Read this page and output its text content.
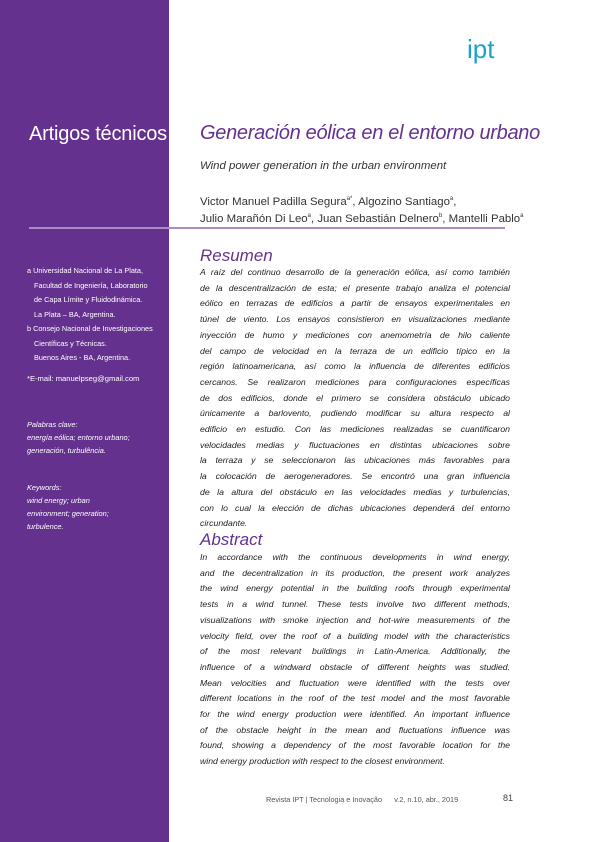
Artigos técnicos
a Universidad Nacional de La Plata,
Facultad de Ingeniería, Laboratorio
de Capa Límite y Fluidodinámica.
La Plata – BA, Argentina.
b Consejo Nacional de Investigaciones
Científicas y Técnicas.
Buenos Aires - BA, Argentina.
*E-mail: manuelpseg@gmail.com
Palabras clave:
energía eólica; entorno urbano;
generación, turbulência.
Keywords:
wind energy; urban
environment; generation;
turbulence.
ipt
Generación eólica en el entorno urbano
Wind power generation in the urban environment
Victor Manuel Padilla Segura$^{a*}$, Algozino Santiago$^a$,
Julio Marañón Di Leo$^a$, Juan Sebastián Delnero$^b$, Mantelli Pablo$^a$
Resumen
A raíz del continuo desarrollo de la generación eólica, así como también
de la descentralización de esta; el presente trabajo analiza el potencial
eólico en terrazas de edificios a partir de ensayos experimentales en
túnel de viento. Los ensayos consistieron en visualizaciones mediante
inyección de humo y mediciones con anemometría de hilo caliente
del campo de velocidad en la terraza de un edificio típico en la
región latinoamericana, así como la influencia de diferentes edificios
cercanos. Se realizaron mediciones para configuraciones específicas
de dos edificios, donde el primero se considera obstáculo ubicado
únicamente a barlovento, pudiendo modificar su altura respecto al
edificio en estudio. Con las mediciones realizadas se cuantificaron
velocidades medias y fluctuaciones en distintas ubicaciones sobre
la terraza y se seleccionaron las ubicaciones más favorables para
la colocación de aerogeneradores. Se encontró una gran influencia
de la altura del obstáculo en las velocidades medias y turbulencias,
con lo cual la elección de dichas ubicaciones dependerá del entorno
circundante.
Abstract
In accordance with the continuous developments in wind energy,
and the decentralization in its production, the present work analyzes
the wind energy potential in the building roofs through experimental
tests in a wind tunnel. These tests involve two different methods,
visualizations with smoke injection and hot-wire measurements of the
velocity field, over the roof of a building model with the characteristics
of the most relevant buildings in Latin-America. Additionally, the
influence of a windward obstacle of different heights was studied.
Mean velocities and fluctuation were identified with the tests over
different locations in the roof of the test model and the most favorable
for the wind energy production were identified. An important influence
of the obstacle height in the mean and fluctuations influence was
found, showing a dependency of the most favorable location for the
wind energy production with respect to the closest environment.
Revista IPT | Tecnologia e Inovação v.2, n.10, abr., 2019	81
